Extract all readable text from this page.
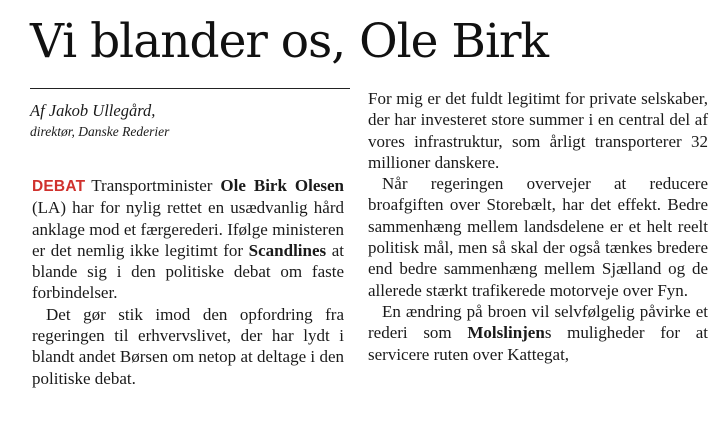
Vi blander os, Ole Birk
Af Jakob Ullegård,
direktør, Danske Rederier

DEBAT Transportminister Ole Birk Olesen (LA) har for nylig rettet en usædvanlig hård anklage mod et færgerederi. Ifølge ministeren er det nemlig ikke legitimt for Scandlines at blande sig i den politiske debat om faste forbindelser.

Det gør stik imod den opfordring fra regeringen til erhvervslivet, der har lydt i blandt andet Børsen om netop at deltage i den politiske debat.

For mig er det fuldt legitimt for private selskaber, der har investeret store summer i en central del af vores infrastruktur, som årligt transporterer 32 millioner danskere.

Når regeringen overvejer at reducere broafgiften over Storebælt, har det effekt. Bedre sammenhæng mellem landsdelene er et helt reelt politisk mål, men så skal der også tænkes bredere end bedre sammenhæng mellem Sjælland og de allerede stærkt trafikerede motorveje over Fyn.

En ændring på broen vil selvfølgelig påvirke et rederi som Molslinjens muligheder for at servicere ruten over Kattegat,
